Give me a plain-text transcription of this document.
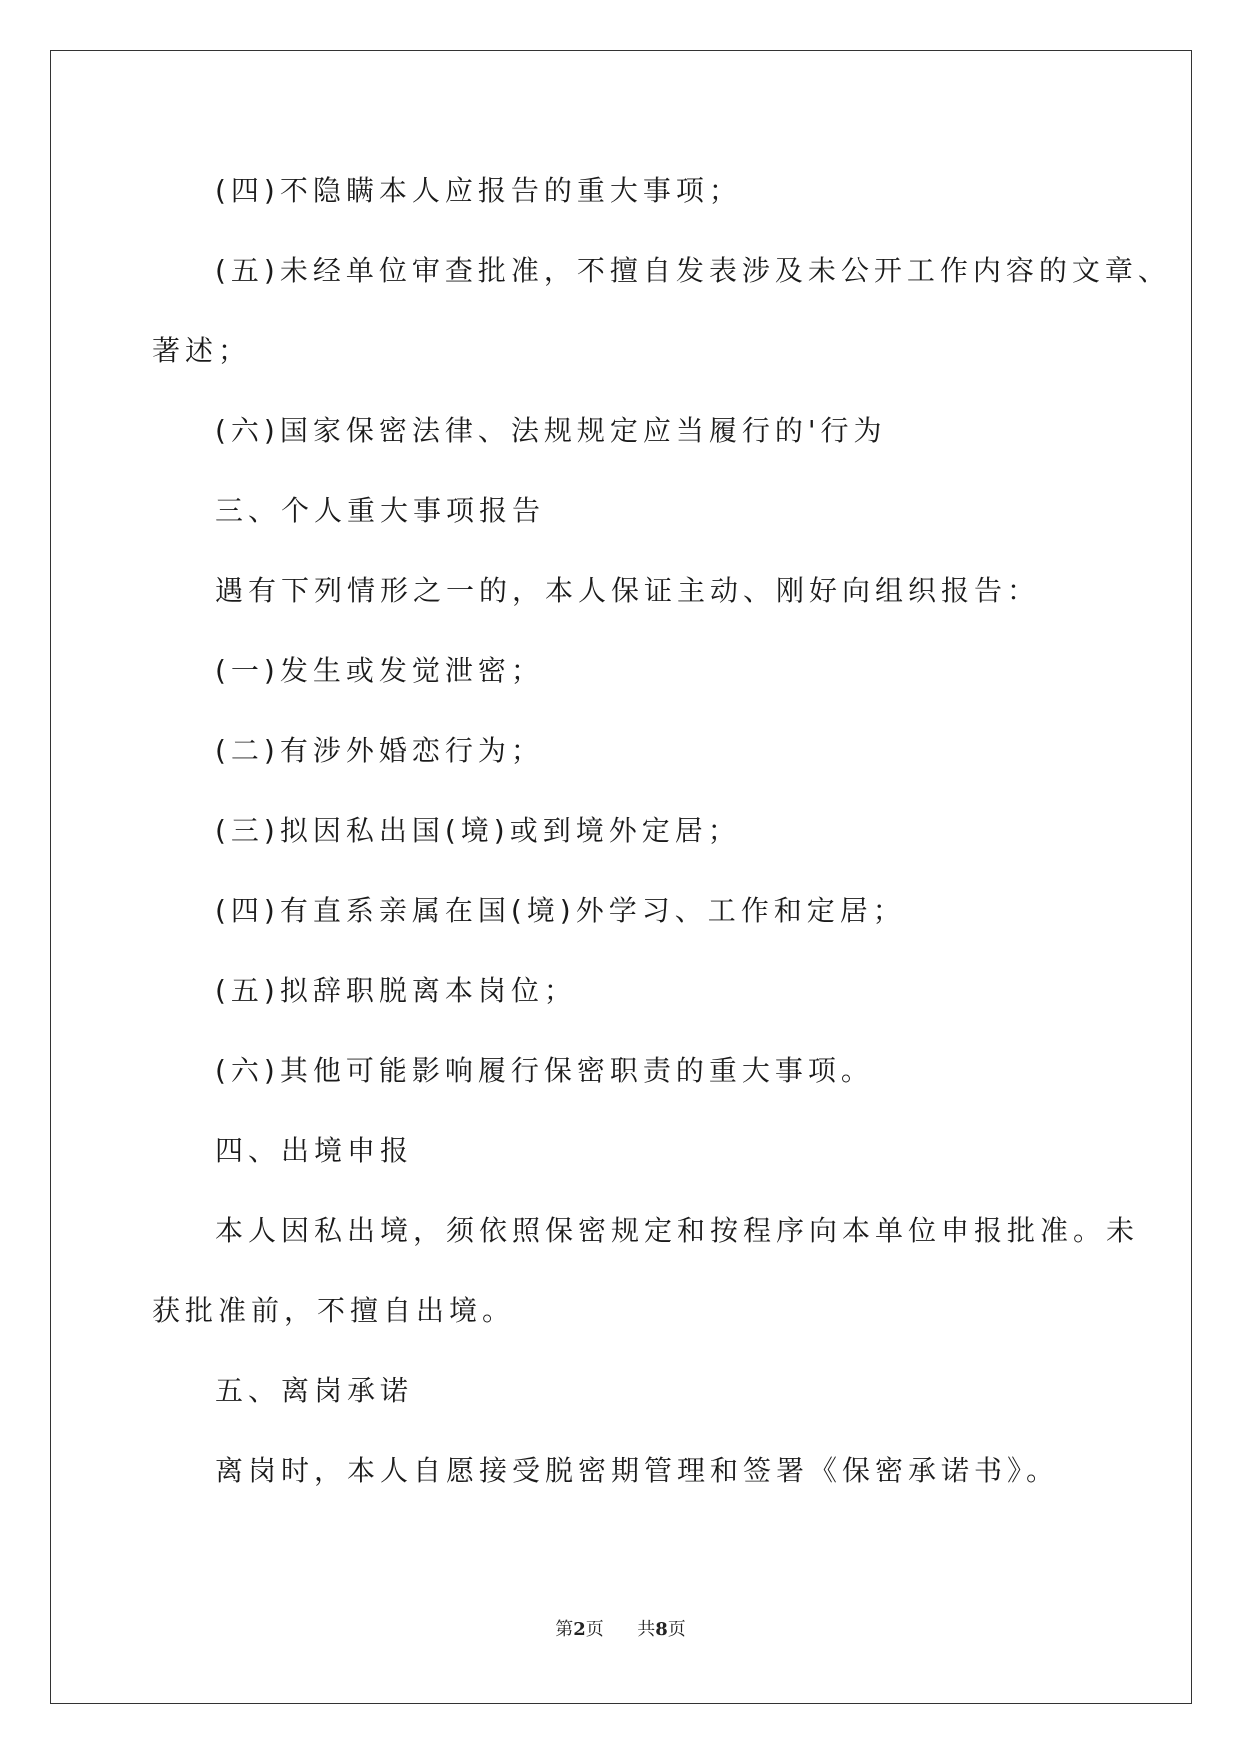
(四)不隐瞒本人应报告的重大事项；
(五)未经单位审查批准，不擅自发表涉及未公开工作内容的文章、
著述；
(六)国家保密法律、法规规定应当履行的'行为
三、个人重大事项报告
遇有下列情形之一的，本人保证主动、刚好向组织报告：
(一)发生或发觉泄密；
(二)有涉外婚恋行为；
(三)拟因私出国(境)或到境外定居；
(四)有直系亲属在国(境)外学习、工作和定居；
(五)拟辞职脱离本岗位；
(六)其他可能影响履行保密职责的重大事项。
四、出境申报
本人因私出境，须依照保密规定和按程序向本单位申报批准。未
获批准前，不擅自出境。
五、离岗承诺
离岗时，本人自愿接受脱密期管理和签署《保密承诺书》。
第2页 共8页
